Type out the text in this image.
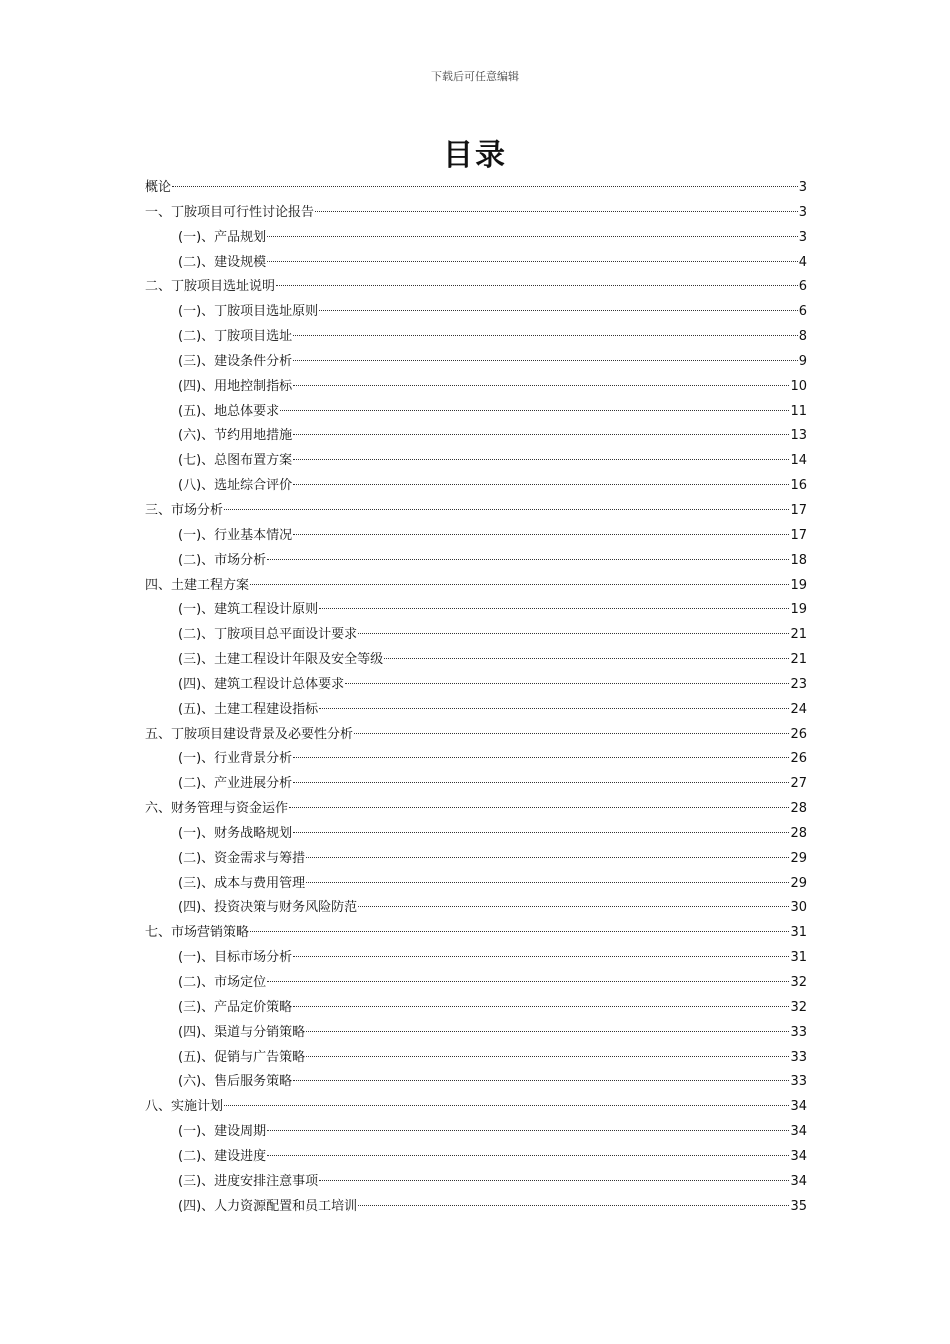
下载后可任意编辑
目录
概论	3
一、丁胺项目可行性讨论报告	3
(一)、产品规划	3
(二)、建设规模	4
二、丁胺项目选址说明	6
(一)、丁胺项目选址原则	6
(二)、丁胺项目选址	8
(三)、建设条件分析	9
(四)、用地控制指标	10
(五)、地总体要求	11
(六)、节约用地措施	13
(七)、总图布置方案	14
(八)、选址综合评价	16
三、市场分析	17
(一)、行业基本情况	17
(二)、市场分析	18
四、土建工程方案	19
(一)、建筑工程设计原则	19
(二)、丁胺项目总平面设计要求	21
(三)、土建工程设计年限及安全等级	21
(四)、建筑工程设计总体要求	23
(五)、土建工程建设指标	24
五、丁胺项目建设背景及必要性分析	26
(一)、行业背景分析	26
(二)、产业进展分析	27
六、财务管理与资金运作	28
(一)、财务战略规划	28
(二)、资金需求与筹措	29
(三)、成本与费用管理	29
(四)、投资决策与财务风险防范	30
七、市场营销策略	31
(一)、目标市场分析	31
(二)、市场定位	32
(三)、产品定价策略	32
(四)、渠道与分销策略	33
(五)、促销与广告策略	33
(六)、售后服务策略	33
八、实施计划	34
(一)、建设周期	34
(二)、建设进度	34
(三)、进度安排注意事项	34
(四)、人力资源配置和员工培训	35
